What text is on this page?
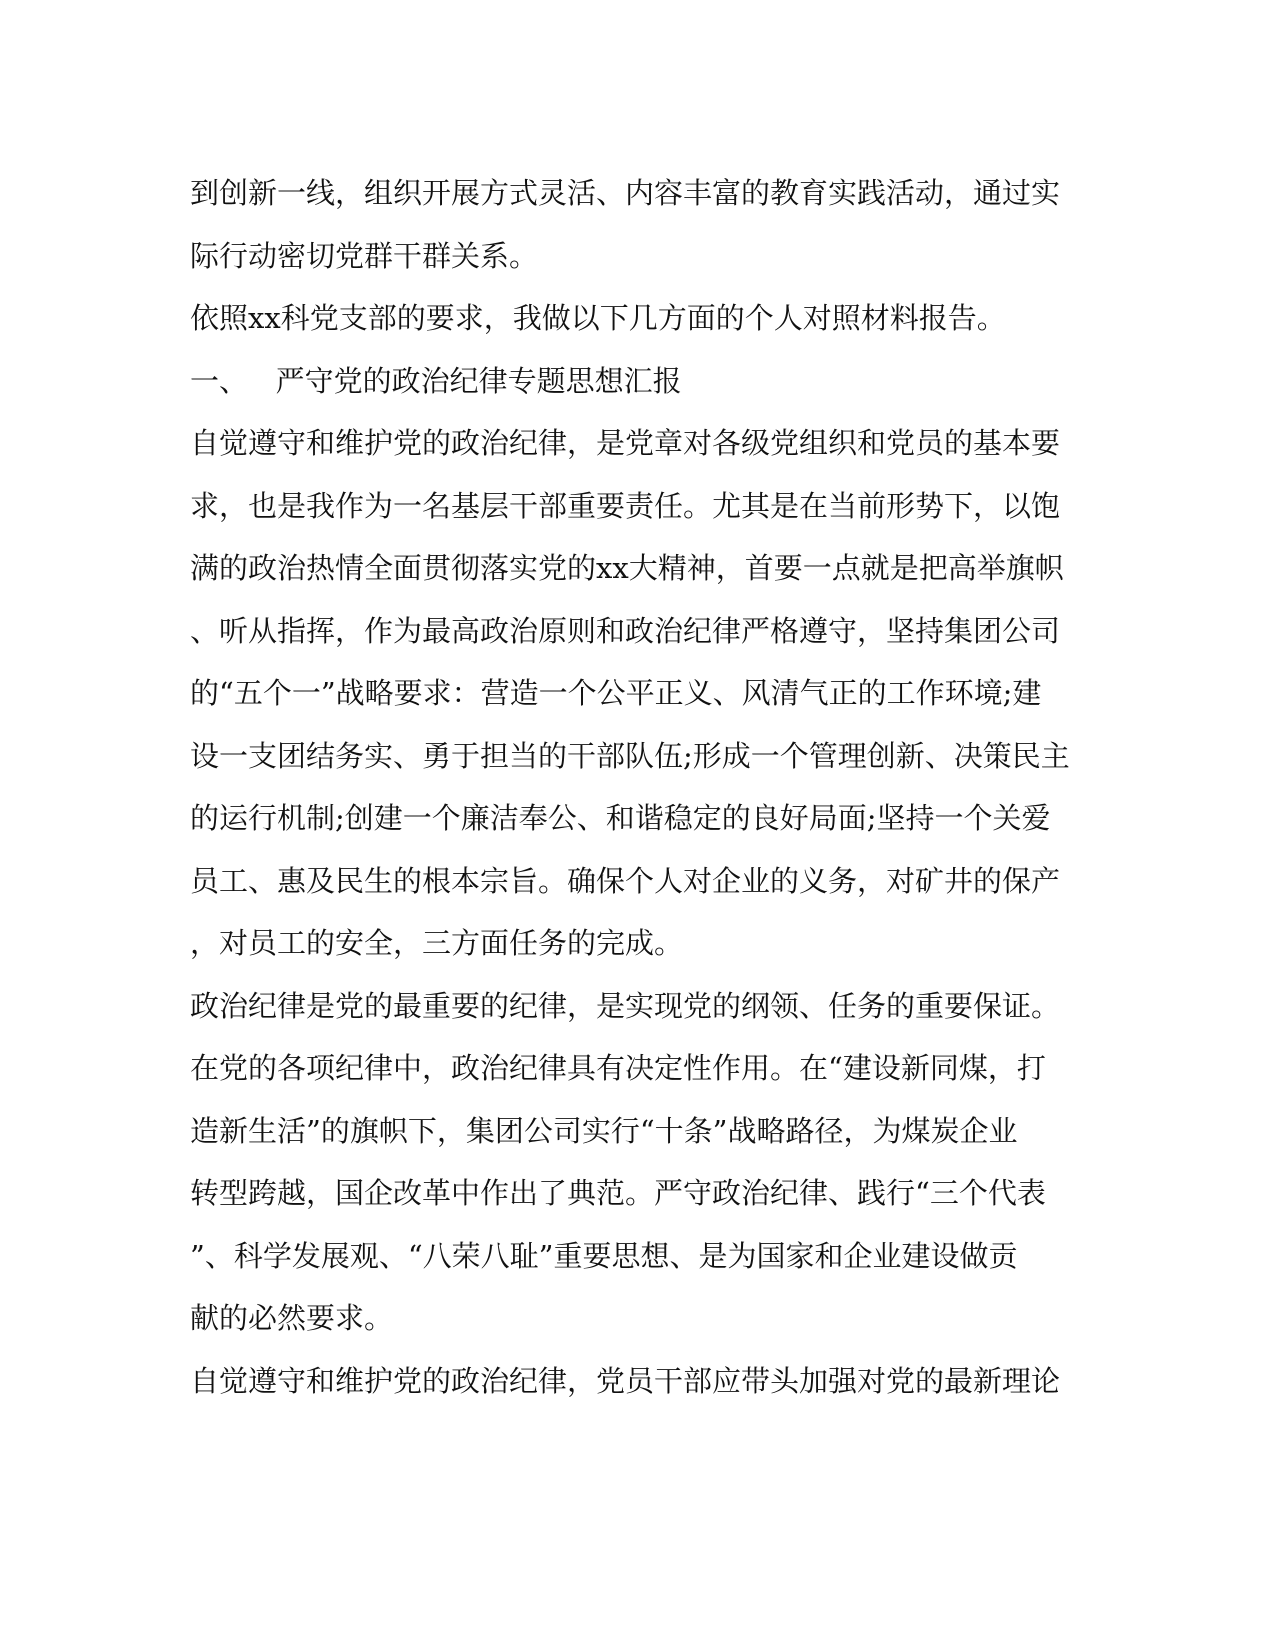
到创新一线，组织开展方式灵活、内容丰富的教育实践活动，通过实
际行动密切党群干群关系。
依照xx科党支部的要求，我做以下几方面的个人对照材料报告。
一、   严守党的政治纪律专题思想汇报
自觉遵守和维护党的政治纪律，是党章对各级党组织和党员的基本要
求，也是我作为一名基层干部重要责任。尤其是在当前形势下，以饱
满的政治热情全面贯彻落实党的xx大精神，首要一点就是把高举旗帜
、听从指挥，作为最高政治原则和政治纪律严格遵守，坚持集团公司
的“五个一”战略要求：营造一个公平正义、风清气正的工作环境;建
设一支团结务实、勇于担当的干部队伍;形成一个管理创新、决策民主
的运行机制;创建一个廉洁奉公、和谐稳定的良好局面;坚持一个关爱
员工、惠及民生的根本宗旨。确保个人对企业的义务，对矿井的保产
，对员工的安全，三方面任务的完成。
政治纪律是党的最重要的纪律，是实现党的纲领、任务的重要保证。
在党的各项纪律中，政治纪律具有决定性作用。在“建设新同煤，打
造新生活”的旗帜下，集团公司实行“十条”战略路径，为煤炭企业
转型跨越，国企改革中作出了典范。严守政治纪律、践行“三个代表
”、科学发展观、“八荣八耻”重要思想、是为国家和企业建设做贡
献的必然要求。
自觉遵守和维护党的政治纪律，党员干部应带头加强对党的最新理论
